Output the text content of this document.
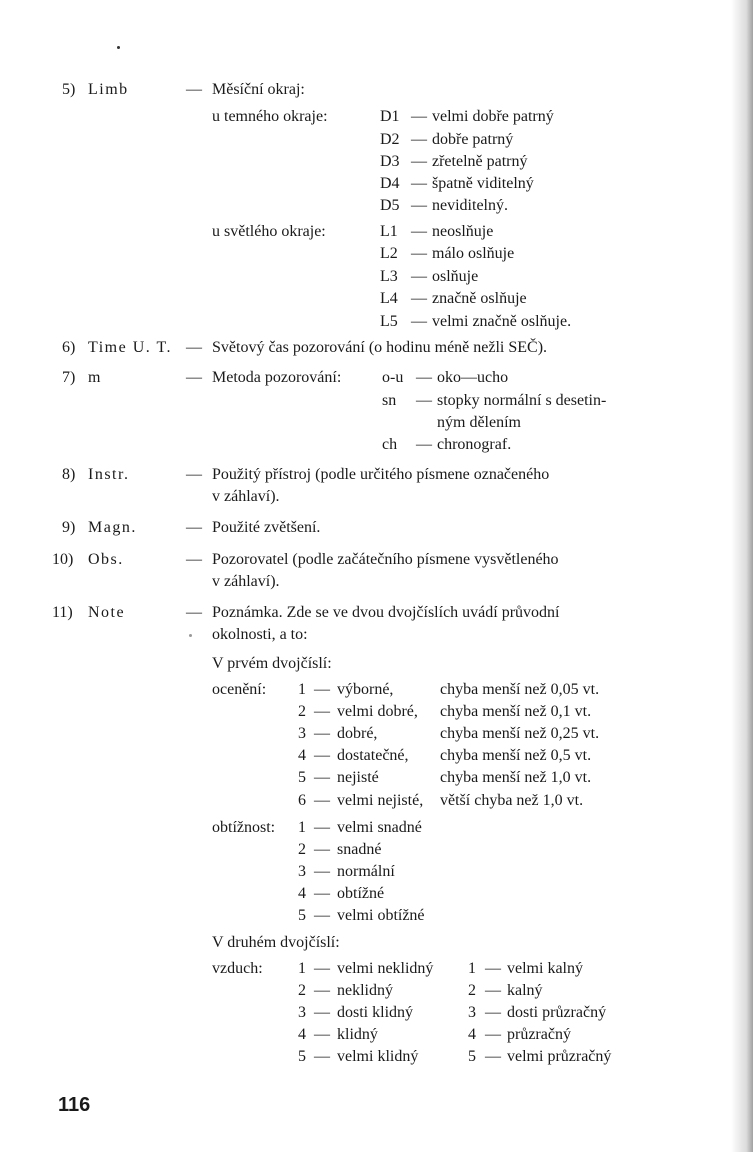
5) Limb	— Měsíční okraj:
u temného okraje:	D1 — velmi dobře patrný
D2 — dobře patrný
D3 — zřetelně patrný
D4 — špatně viditelný
D5 — neviditelný.
u světlého okraje:	L1 — neoslňuje
L2 — málo oslňuje
L3 — oslňuje
L4 — značně oslňuje
L5 — velmi značně oslňuje.
6) Time U. T. — Světový čas pozorování (o hodinu méně nežli SEČ).
7) m	— Metoda pozorování:	o-u — oko—ucho
sn — stopky normální s desetin-
ným dělením
ch — chronograf.
8) Instr.	— Použitý přístroj (podle určitého písmene označeného
v záhlaví).
9) Magn.	— Použité zvětšení.
10) Obs.	— Pozorovatel (podle začátečního písmene vysvětleného
v záhlaví).
11) Note	— Poznámka. Zde se ve dvou dvojčíslích uvádí průvodní
okolnosti, a to:
V prvém dvojčíslí:
ocenění: 1 — výborné,	chyba menší než 0,05 vt.
2 — velmi dobré, chyba menší než 0,1 vt.
3 — dobré,	chyba menší než 0,25 vt.
4 — dostatečné, chyba menší než 0,5 vt.
5 — nejisté	chyba menší než 1,0 vt.
6 — velmi nejisté, větší chyba než 1,0 vt.
obtížnost: 1 — velmi snadné
2 — snadné
3 — normální
4 — obtížné
5 — velmi obtížné
V druhém dvojčíslí:
vzduch: 1 — velmi neklidný 1 — velmi kalný
2 — neklidný	2 — kalný
3 — dosti klidný	3 — dosti průzračný
4 — klidný	4 — průzračný
5 — velmi klidný	5 — velmi průzračný
116
